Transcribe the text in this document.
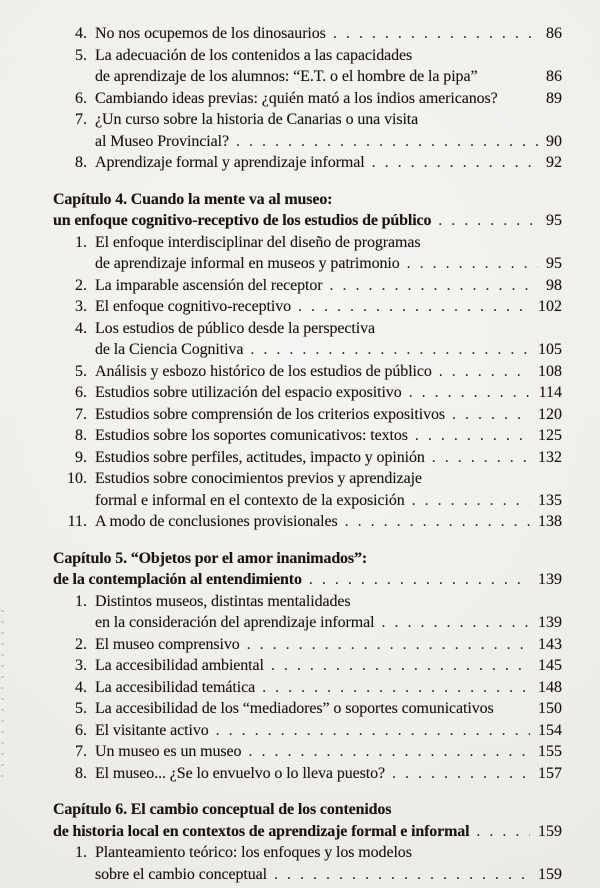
4. No nos ocupemos de los dinosaurios . . .	86
5. La adecuación de los contenidos a las capacidades
de aprendizaje de los alumnos: “E.T. o el hombre de la pipa”	86
6. Cambiando ideas previas: ¿quién mató a los indios americanos?	89
7. ¿Un curso sobre la historia de Canarias o una visita
al Museo Provincial? . . .	90
8. Aprendizaje formal y aprendizaje informal . . .	92
Capítulo 4. Cuando la mente va al museo:
un enfoque cognitivo-receptivo de los estudios de público . . .	95
1. El enfoque interdisciplinar del diseño de programas
de aprendizaje informal en museos y patrimonio . . .	95
2. La imparable ascensión del receptor . . .	98
3. El enfoque cognitivo-receptivo . . .	102
4. Los estudios de público desde la perspectiva
de la Ciencia Cognitiva . . .	105
5. Análisis y esbozo histórico de los estudios de público . . .	108
6. Estudios sobre utilización del espacio expositivo . . .	114
7. Estudios sobre comprensión de los criterios expositivos . . .	120
8. Estudios sobre los soportes comunicativos: textos . . .	125
9. Estudios sobre perfiles, actitudes, impacto y opinión . . .	132
10. Estudios sobre conocimientos previos y aprendizaje
formal e informal en el contexto de la exposición . . .	135
11. A modo de conclusiones provisionales . . .	138
Capítulo 5. “Objetos por el amor inanimados”:
de la contemplación al entendimiento . . .	139
1. Distintos museos, distintas mentalidades
en la consideración del aprendizaje informal . . .	139
2. El museo comprensivo . . .	143
3. La accesibilidad ambiental . . .	145
4. La accesibilidad temática . . .	148
5. La accesibilidad de los “mediadores” o soportes comunicativos	150
6. El visitante activo . . .	154
7. Un museo es un museo . . .	155
8. El museo... ¿Se lo envuelvo o lo lleva puesto? . . .	157
Capítulo 6. El cambio conceptual de los contenidos
de historia local en contextos de aprendizaje formal e informal . . .	159
1. Planteamiento teórico: los enfoques y los modelos
sobre el cambio conceptual . . .	159
